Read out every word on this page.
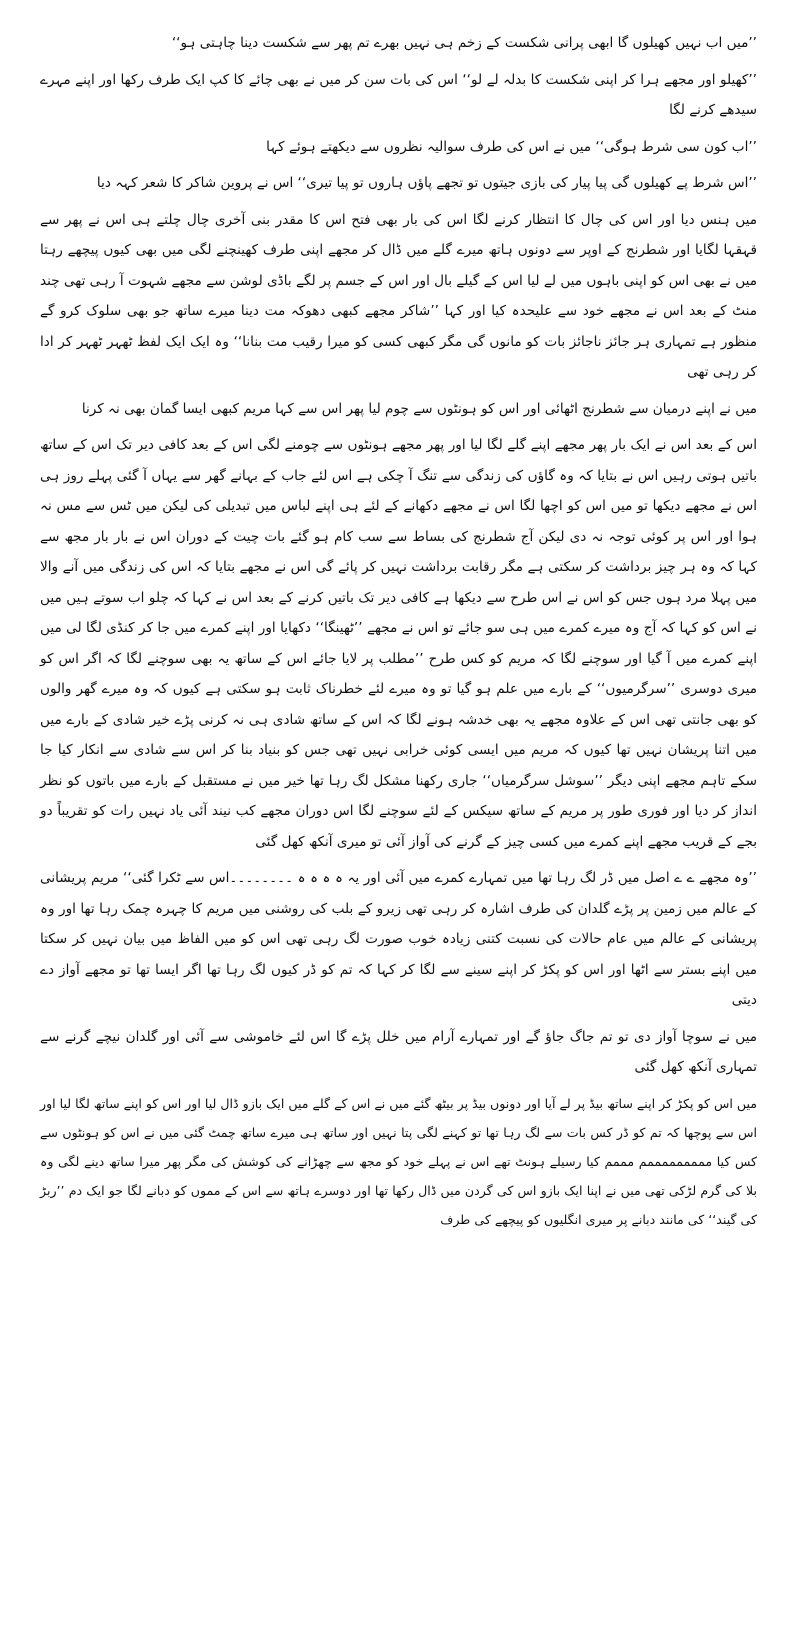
’’میں اب نہیں کھیلوں گا ابھی پرانی شکست کے زخم ہی نہیں بھرے تم پھر سے شکست دینا چاہتی ہو‘‘

’’کھیلو اور مجھے ہرا کر اپنی شکست کا بدلہ لے لو‘‘ اس کی بات سن کر میں نے بھی چائے کا کپ ایک طرف رکھا اور اپنے مہرے سیدھے کرنے لگا

’’اب کون سی شرط ہوگی‘‘ میں نے اس کی طرف سوالیہ نظروں سے دیکھتے ہوئے کہا

’’اس شرط پے کھیلوں گی پیا پیار کی بازی جیتوں تو تجھے پاؤں ہاروں تو پیا تیری‘‘ اس نے پروین شاکر کا شعر کہہ دیا

میں ہنس دیا اور اس کی چال کا انتظار کرنے لگا اس کی بار بھی فتح اس کا مقدر بنی آخری چال چلتے ہی اس نے پھر سے قہقہا لگایا اور شطرنج کے اوپر سے دونوں ہاتھ میرے گلے میں ڈال کر مجھے اپنی طرف کھینچنے لگی میں بھی کیوں پیچھے رہتا میں نے بھی اس کو اپنی باہوں میں لے لیا اس کے گیلے بال اور اس کے جسم پر لگے باڈی لوشن سے مجھے شہوت آ رہی تھی چند منٹ کے بعد اس نے مجھے خود سے علیحدہ کیا اور کہا ’’شاکر مجھے کبھی دھوکہ مت دینا میرے ساتھ جو بھی سلوک کرو گے منظور ہے تمہاری ہر جائز ناجائز بات کو مانوں گی مگر کبھی کسی کو میرا رقیب مت بنانا‘‘ وہ ایک ایک لفظ ٹھہر ٹھہر کر ادا کر رہی تھی

میں نے اپنے درمیان سے شطرنج اٹھائی اور اس کو ہونٹوں سے چوم لیا پھر اس سے کہا مریم کبھی ایسا گمان بھی نہ کرنا

اس کے بعد اس نے ایک بار پھر مجھے اپنے گلے لگا لیا اور پھر مجھے ہونٹوں سے چومنے لگی اس کے بعد کافی دیر تک اس کے ساتھ باتیں ہوتی رہیں اس نے بتایا کہ وہ گاؤں کی زندگی سے تنگ آ چکی ہے اس لئے جاب کے بہانے گھر سے یہاں آ گئی پہلے روز ہی اس نے مجھے دیکھا تو میں اس کو اچھا لگا اس نے مجھے دکھانے کے لئے ہی اپنے لباس میں تبدیلی کی لیکن میں ٹس سے مس نہ ہوا اور اس پر کوئی توجہ نہ دی لیکن آج شطرنج کی بساط سے سب کام ہو گئے بات چیت کے دوران اس نے بار بار مجھ سے کہا کہ وہ ہر چیز برداشت کر سکتی ہے مگر رقابت برداشت نہیں کر پائے گی اس نے مجھے بتایا کہ اس کی زندگی میں آنے والا میں پہلا مرد ہوں جس کو اس نے اس طرح سے دیکھا ہے کافی دیر تک باتیں کرنے کے بعد اس نے کہا کہ چلو اب سوتے ہیں میں نے اس کو کہا کہ آج وہ میرے کمرے میں ہی سو جائے تو اس نے مجھے ’’ٹھینگا‘‘ دکھایا اور اپنے کمرے میں جا کر کنڈی لگا لی میں اپنے کمرے میں آ گیا اور سوچنے لگا کہ مریم کو کس طرح ’’مطلب پر لایا جائے اس کے ساتھ یہ بھی سوچنے لگا کہ اگر اس کو میری دوسری ’’سرگرمیوں‘‘ کے بارے میں علم ہو گیا تو وہ میرے لئے خطرناک ثابت ہو سکتی ہے کیوں کہ وہ میرے گھر والوں کو بھی جانتی تھی اس کے علاوہ مجھے یہ بھی خدشہ ہونے لگا کہ اس کے ساتھ شادی ہی نہ کرنی پڑے خیر شادی کے بارے میں میں اتنا پریشان نہیں تھا کیوں کہ مریم میں ایسی کوئی خرابی نہیں تھی جس کو بنیاد بنا کر اس سے شادی سے انکار کیا جا سکے تاہم مجھے اپنی دیگر ’’سوشل سرگرمیاں‘‘ جاری رکھنا مشکل لگ رہا تھا خیر میں نے مستقبل کے بارے میں باتوں کو نظر انداز کر دیا اور فوری طور پر مریم کے ساتھ سیکس کے لئے سوچنے لگا اس دوران مجھے کب نیند آئی یاد نہیں رات کو تقریباً دو بجے کے قریب مجھے اپنے کمرے میں کسی چیز کے گرنے کی آواز آئی تو میری آنکھ کھل گئی

’’وہ مجھے ے ے اصل میں ڈر لگ رہا تھا میں تمہارے کمرے میں آئی اور یہ ہ ہ ہ ہ ۔۔۔۔۔۔۔۔اس سے ٹکرا گئی‘‘ مریم پریشانی کے عالم میں زمین پر پڑے گلدان کی طرف اشارہ کر رہی تھی زیرو کے بلب کی روشنی میں مریم کا چہرہ چمک رہا تھا اور وہ پریشانی کے عالم میں عام حالات کی نسبت کتنی زیادہ خوب صورت لگ رہی تھی اس کو میں الفاظ میں بیان نہیں کر سکتا میں اپنے بستر سے اٹھا اور اس کو پکڑ کر اپنے سینے سے لگا کر کہا کہ تم کو ڈر کیوں لگ رہا تھا اگر ایسا تھا تو مجھے آواز دے دیتی

میں نے سوچا آواز دی تو تم جاگ جاؤ گے اور تمہارے آرام میں خلل پڑے گا اس لئے خاموشی سے آئی اور گلدان نیچے گرنے سے تمہاری آنکھ کھل گئی

میں اس کو پکڑ کر اپنے ساتھ بیڈ پر لے آیا اور دونوں بیڈ پر بیٹھ گئے میں نے اس کے گلے میں ایک بازو ڈال لیا اور اس کو اپنے ساتھ لگا لیا اور اس سے پوچھا کہ تم کو ڈر کس بات سے لگ رہا تھا تو کہنے لگی پتا نہیں اور ساتھ ہی میرے ساتھ چمٹ گئی میں نے اس کو ہونٹوں سے کس کیا مممممممممم مممم کیا رسیلے ہونٹ تھے اس نے پہلے خود کو مجھ سے چھڑانے کی کوشش کی مگر پھر میرا ساتھ دینے لگی وہ بلا کی گرم لڑکی تھی میں نے اپنا ایک بازو اس کی گردن میں ڈال رکھا تھا اور دوسرے ہاتھ سے اس کے مموں کو دبانے لگا جو ایک دم ’’ربڑ کی گیند‘‘ کی مانند دبانے پر میری انگلیوں کو پیچھے کی طرف
